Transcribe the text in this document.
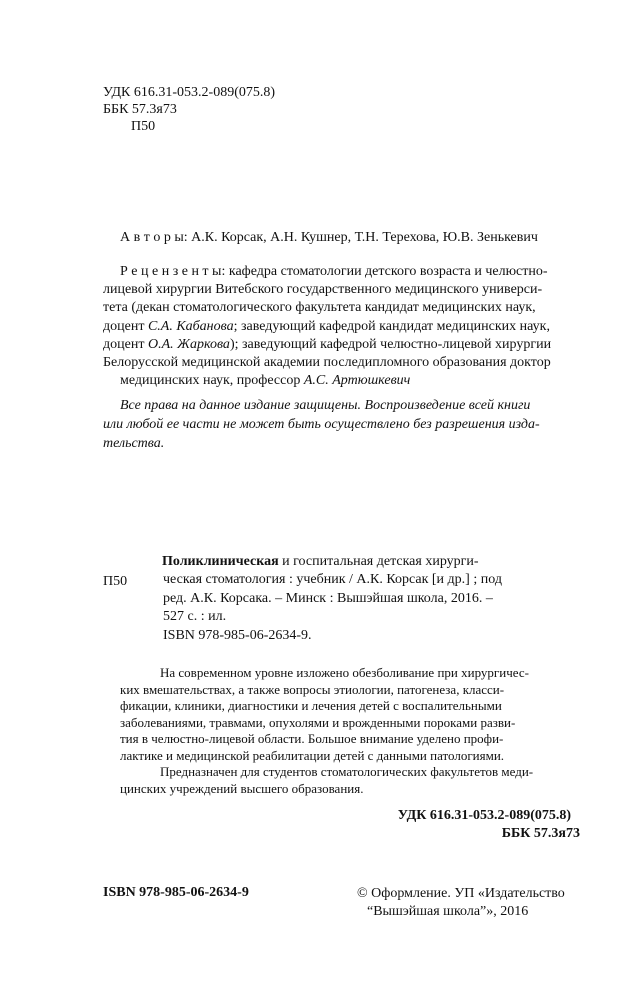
УДК 616.31-053.2-089(075.8)
ББК 57.3я73
П50
А в т о р ы: А.К. Корсак, А.Н. Кушнер, Т.Н. Терехова, Ю.В. Зенькевич
Р е ц е н з е н т ы: кафедра стоматологии детского возраста и челюстно-
лицевой хирургии Витебского государственного медицинского универси-
тета (декан стоматологического факультета кандидат медицинских наук,
доцент С.А. Кабанова; заведующий кафедрой кандидат медицинских наук,
доцент О.А. Жаркова); заведующий кафедрой челюстно-лицевой хирургии
Белорусской медицинской академии последипломного образования доктор
медицинских наук, профессор А.С. Артюшкевич
Все права на данное издание защищены. Воспроизведение всей книги
или любой ее части не может быть осуществлено без разрешения изда-
тельства.
П50
Поликлиническая и госпитальная детская хирурги-
ческая стоматология : учебник / А.К. Корсак [и др.] ; под
ред. А.К. Корсака. – Минск : Вышэйшая школа, 2016. –
527 с. : ил.
ISBN 978-985-06-2634-9.
На современном уровне изложено обезболивание при хирургичес-
ких вмешательствах, а также вопросы этиологии, патогенеза, класси-
фикации, клиники, диагностики и лечения детей с воспалительными
заболеваниями, травмами, опухолями и врожденными пороками разви-
тия в челюстно-лицевой области. Большое внимание уделено профи-
лактике и медицинской реабилитации детей с данными патологиями.
Предназначен для студентов стоматологических факультетов меди-
цинских учреждений высшего образования.
УДК 616.31-053.2-089(075.8)
ББК 57.3я73
ISBN 978-985-06-2634-9	© Оформление. УП «Издательство
“Вышэйшая школа”», 2016
